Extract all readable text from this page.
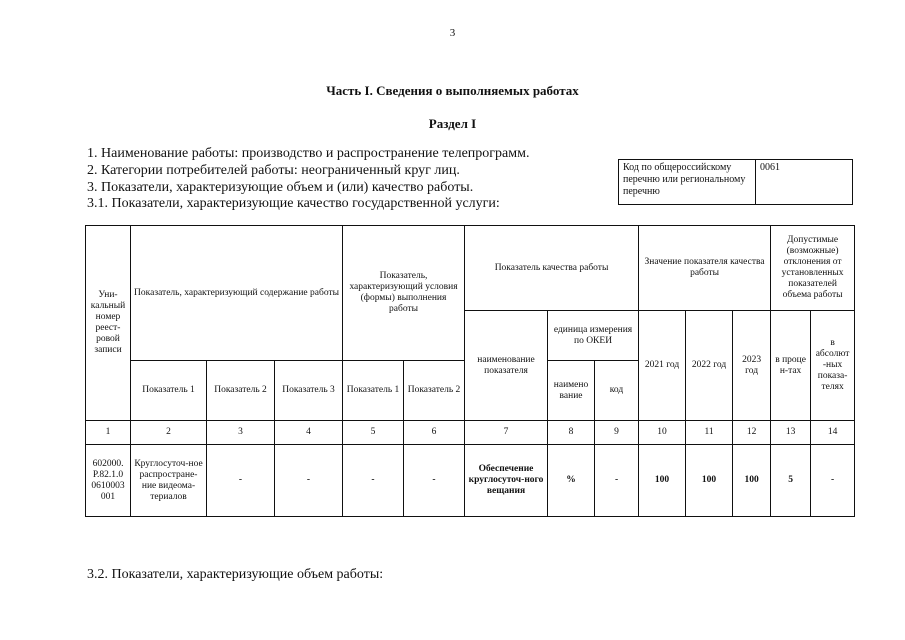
3
Часть I. Сведения о выполняемых работах
Раздел I
1. Наименование работы: производство и распространение телепрограмм.
2. Категории потребителей работы: неограниченный круг лиц.
3. Показатели, характеризующие объем и (или) качество работы.
3.1. Показатели, характеризующие качество государственной услуги:
Код по общероссийскому перечню или региональному перечню
0061
Уни-кальный номер реест-ровой записи	Показатель, характеризующий содержание работы			Показатель, характеризующий условия (формы) выполнения работы		Показатель качества работы			Значение показателя качества работы			Допустимые (возможные) отклонения от установленных показателей объема работы	
						наименование показателя	единица измерения по ОКЕИ		2021 год	2022 год	2023 год	в проце н-тах	в абсолют -ных показа-телях
	Показатель 1	Показатель 2	Показатель 3	Показатель 1	Показатель 2		наимено вание	код					
1	2	3	4	5	6	7	8	9	10	11	12	13	14
602000. Р.82.1.0 0610003 001	Круглосуточ-ное распростране-ние видеома-териалов	-	-	-	-	Обеспечение круглосуточ-ного вещания	%	-	100	100	100	5	-
3.2. Показатели, характеризующие объем работы:
